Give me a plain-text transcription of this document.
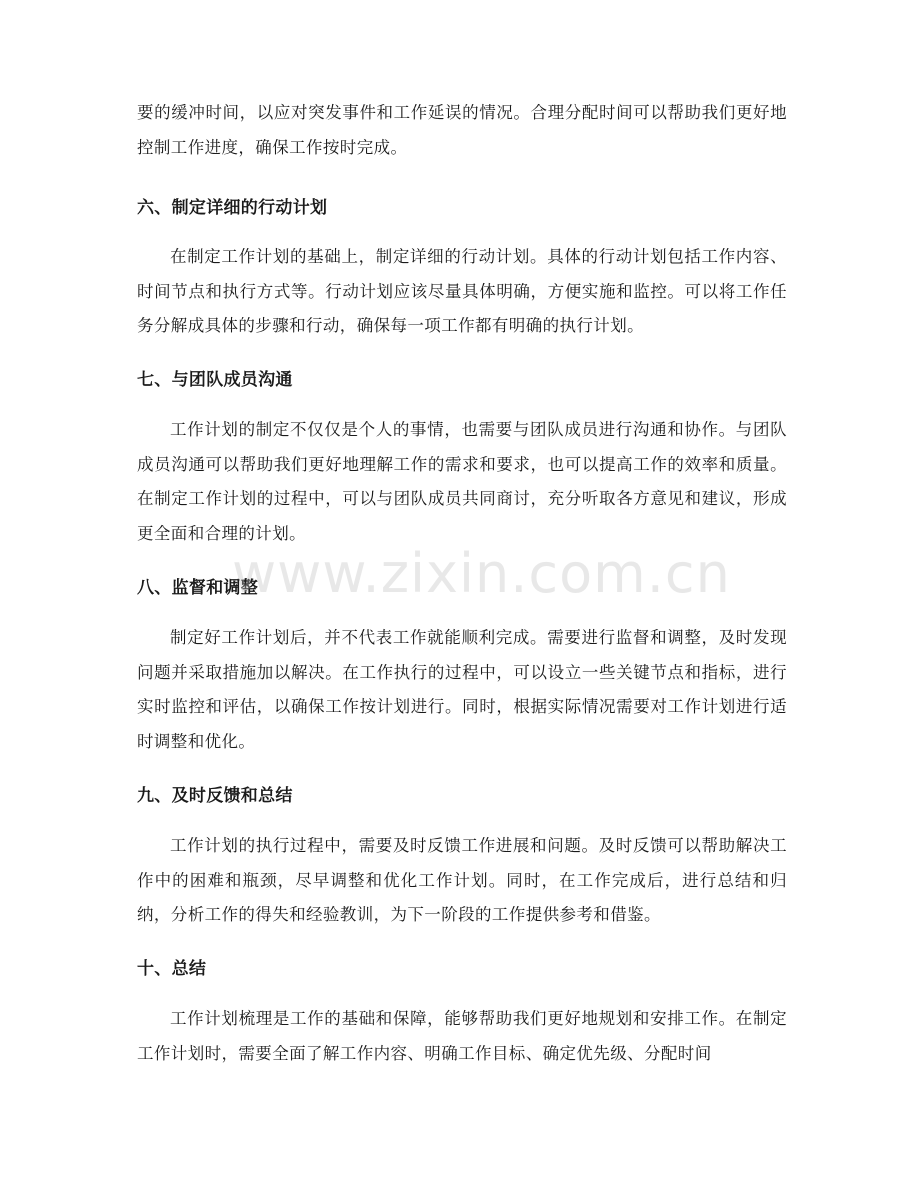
要的缓冲时间，以应对突发事件和工作延误的情况。合理分配时间可以帮助我们更好地控制工作进度，确保工作按时完成。

六、制定详细的行动计划

在制定工作计划的基础上，制定详细的行动计划。具体的行动计划包括工作内容、时间节点和执行方式等。行动计划应该尽量具体明确，方便实施和监控。可以将工作任务分解成具体的步骤和行动，确保每一项工作都有明确的执行计划。

七、与团队成员沟通

工作计划的制定不仅仅是个人的事情，也需要与团队成员进行沟通和协作。与团队成员沟通可以帮助我们更好地理解工作的需求和要求，也可以提高工作的效率和质量。在制定工作计划的过程中，可以与团队成员共同商讨，充分听取各方意见和建议，形成更全面和合理的计划。

八、监督和调整

制定好工作计划后，并不代表工作就能顺利完成。需要进行监督和调整，及时发现问题并采取措施加以解决。在工作执行的过程中，可以设立一些关键节点和指标，进行实时监控和评估，以确保工作按计划进行。同时，根据实际情况需要对工作计划进行适时调整和优化。

九、及时反馈和总结

工作计划的执行过程中，需要及时反馈工作进展和问题。及时反馈可以帮助解决工作中的困难和瓶颈，尽早调整和优化工作计划。同时，在工作完成后，进行总结和归纳，分析工作的得失和经验教训，为下一阶段的工作提供参考和借鉴。

十、总结

工作计划梳理是工作的基础和保障，能够帮助我们更好地规划和安排工作。在制定工作计划时，需要全面了解工作内容、明确工作目标、确定优先级、分配时间

www.zixin.com.cn
